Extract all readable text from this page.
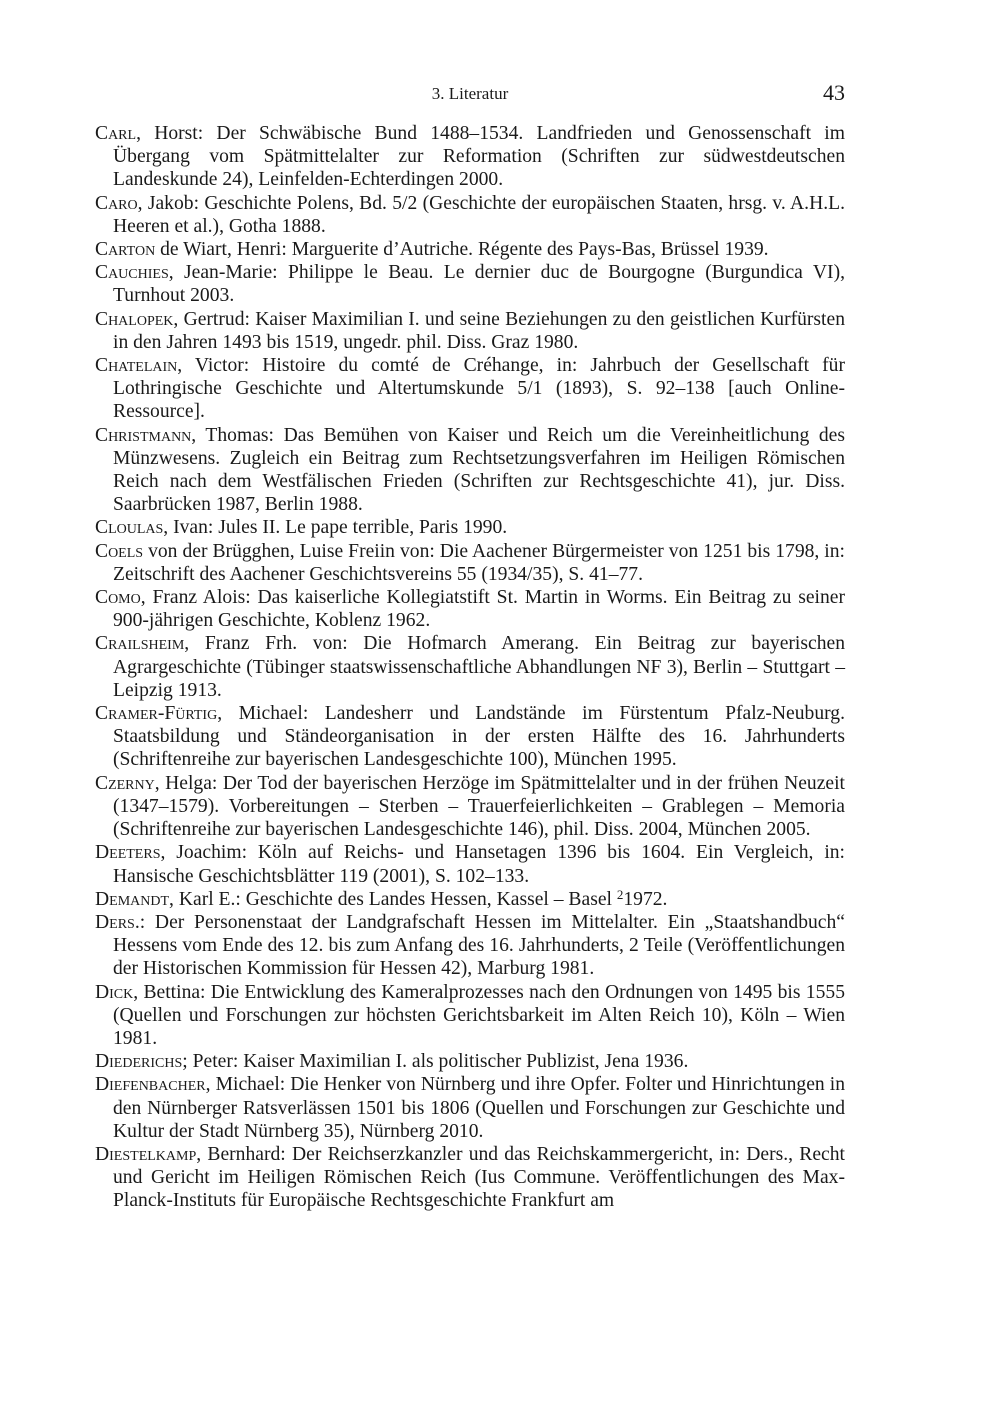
3. Literatur	43
Carl, Horst: Der Schwäbische Bund 1488–1534. Landfrieden und Genossenschaft im Übergang vom Spätmittelalter zur Reformation (Schriften zur südwestdeutschen Landeskunde 24), Leinfelden-Echterdingen 2000.
Caro, Jakob: Geschichte Polens, Bd. 5/2 (Geschichte der europäischen Staaten, hrsg. v. A.H.L. Heeren et al.), Gotha 1888.
Carton de Wiart, Henri: Marguerite d’Autriche. Régente des Pays-Bas, Brüssel 1939.
Cauchies, Jean-Marie: Philippe le Beau. Le dernier duc de Bourgogne (Burgundica VI), Turnhout 2003.
Chalopek, Gertrud: Kaiser Maximilian I. und seine Beziehungen zu den geistlichen Kurfürsten in den Jahren 1493 bis 1519, ungedr. phil. Diss. Graz 1980.
Chatelain, Victor: Histoire du comté de Créhange, in: Jahrbuch der Gesellschaft für Lothringische Geschichte und Altertumskunde 5/1 (1893), S. 92–138 [auch Online-Ressource].
Christmann, Thomas: Das Bemühen von Kaiser und Reich um die Vereinheitlichung des Münzwesens. Zugleich ein Beitrag zum Rechtsetzungsverfahren im Heiligen Römischen Reich nach dem Westfälischen Frieden (Schriften zur Rechtsgeschichte 41), jur. Diss. Saarbrücken 1987, Berlin 1988.
Cloulas, Ivan: Jules II. Le pape terrible, Paris 1990.
Coels von der Brügghen, Luise Freiin von: Die Aachener Bürgermeister von 1251 bis 1798, in: Zeitschrift des Aachener Geschichtsvereins 55 (1934/35), S. 41–77.
Como, Franz Alois: Das kaiserliche Kollegiatstift St. Martin in Worms. Ein Beitrag zu seiner 900-jährigen Geschichte, Koblenz 1962.
Crailsheim, Franz Frh. von: Die Hofmarch Amerang. Ein Beitrag zur bayerischen Agrargeschichte (Tübinger staatswissenschaftliche Abhandlungen NF 3), Berlin – Stuttgart – Leipzig 1913.
Cramer-Fürtig, Michael: Landesherr und Landstände im Fürstentum Pfalz-Neuburg. Staatsbildung und Ständeorganisation in der ersten Hälfte des 16. Jahrhunderts (Schriftenreihe zur bayerischen Landesgeschichte 100), München 1995.
Czerny, Helga: Der Tod der bayerischen Herzöge im Spätmittelalter und in der frühen Neuzeit (1347–1579). Vorbereitungen – Sterben – Trauerfeierlichkeiten – Grablegen – Memoria (Schriftenreihe zur bayerischen Landesgeschichte 146), phil. Diss. 2004, München 2005.
Deeters, Joachim: Köln auf Reichs- und Hansetagen 1396 bis 1604. Ein Vergleich, in: Hansische Geschichtsblätter 119 (2001), S. 102–133.
Demandt, Karl E.: Geschichte des Landes Hessen, Kassel – Basel $^2$1972.
Ders.: Der Personenstaat der Landgrafschaft Hessen im Mittelalter. Ein „Staatshandbuch“ Hessens vom Ende des 12. bis zum Anfang des 16. Jahrhunderts, 2 Teile (Veröffentlichungen der Historischen Kommission für Hessen 42), Marburg 1981.
Dick, Bettina: Die Entwicklung des Kameralprozesses nach den Ordnungen von 1495 bis 1555 (Quellen und Forschungen zur höchsten Gerichtsbarkeit im Alten Reich 10), Köln – Wien 1981.
Diederichs; Peter: Kaiser Maximilian I. als politischer Publizist, Jena 1936.
Diefenbacher, Michael: Die Henker von Nürnberg und ihre Opfer. Folter und Hinrichtungen in den Nürnberger Ratsverlässen 1501 bis 1806 (Quellen und Forschungen zur Geschichte und Kultur der Stadt Nürnberg 35), Nürnberg 2010.
Diestelkamp, Bernhard: Der Reichserzkanzler und das Reichskammergericht, in: Ders., Recht und Gericht im Heiligen Römischen Reich (Ius Commune. Veröffentlichungen des Max-Planck-Instituts für Europäische Rechtsgeschichte Frankfurt am
